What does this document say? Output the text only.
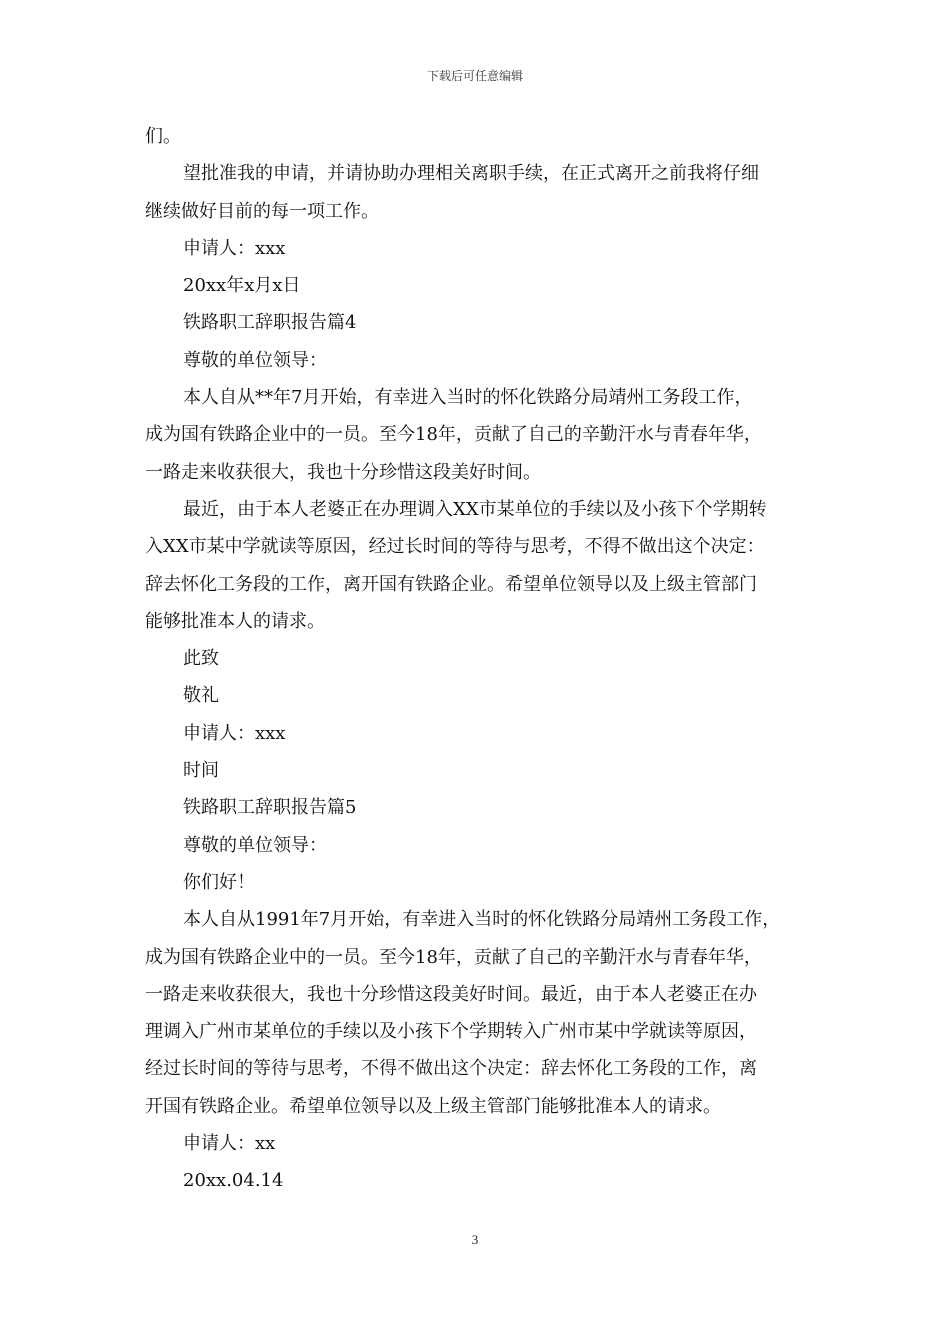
下载后可任意编辑

们。

望批准我的申请，并请协助办理相关离职手续，在正式离开之前我将仔细

继续做好目前的每一项工作。

申请人：xxx

20xx年x月x日

铁路职工辞职报告篇4

尊敬的单位领导：

本人自从**年7月开始，有幸进入当时的怀化铁路分局靖州工务段工作，

成为国有铁路企业中的一员。至今18年，贡献了自己的辛勤汗水与青春年华，

一路走来收获很大，我也十分珍惜这段美好时间。

最近，由于本人老婆正在办理调入XX市某单位的手续以及小孩下个学期转

入XX市某中学就读等原因，经过长时间的等待与思考，不得不做出这个决定：

辞去怀化工务段的工作，离开国有铁路企业。希望单位领导以及上级主管部门

能够批准本人的请求。

此致

敬礼

申请人：xxx

时间

铁路职工辞职报告篇5

尊敬的单位领导：

你们好！

本人自从1991年7月开始，有幸进入当时的怀化铁路分局靖州工务段工作，

成为国有铁路企业中的一员。至今18年，贡献了自己的辛勤汗水与青春年华，

一路走来收获很大，我也十分珍惜这段美好时间。最近，由于本人老婆正在办

理调入广州市某单位的手续以及小孩下个学期转入广州市某中学就读等原因，

经过长时间的等待与思考，不得不做出这个决定：辞去怀化工务段的工作，离

开国有铁路企业。希望单位领导以及上级主管部门能够批准本人的请求。

申请人：xx

20xx.04.14

3
